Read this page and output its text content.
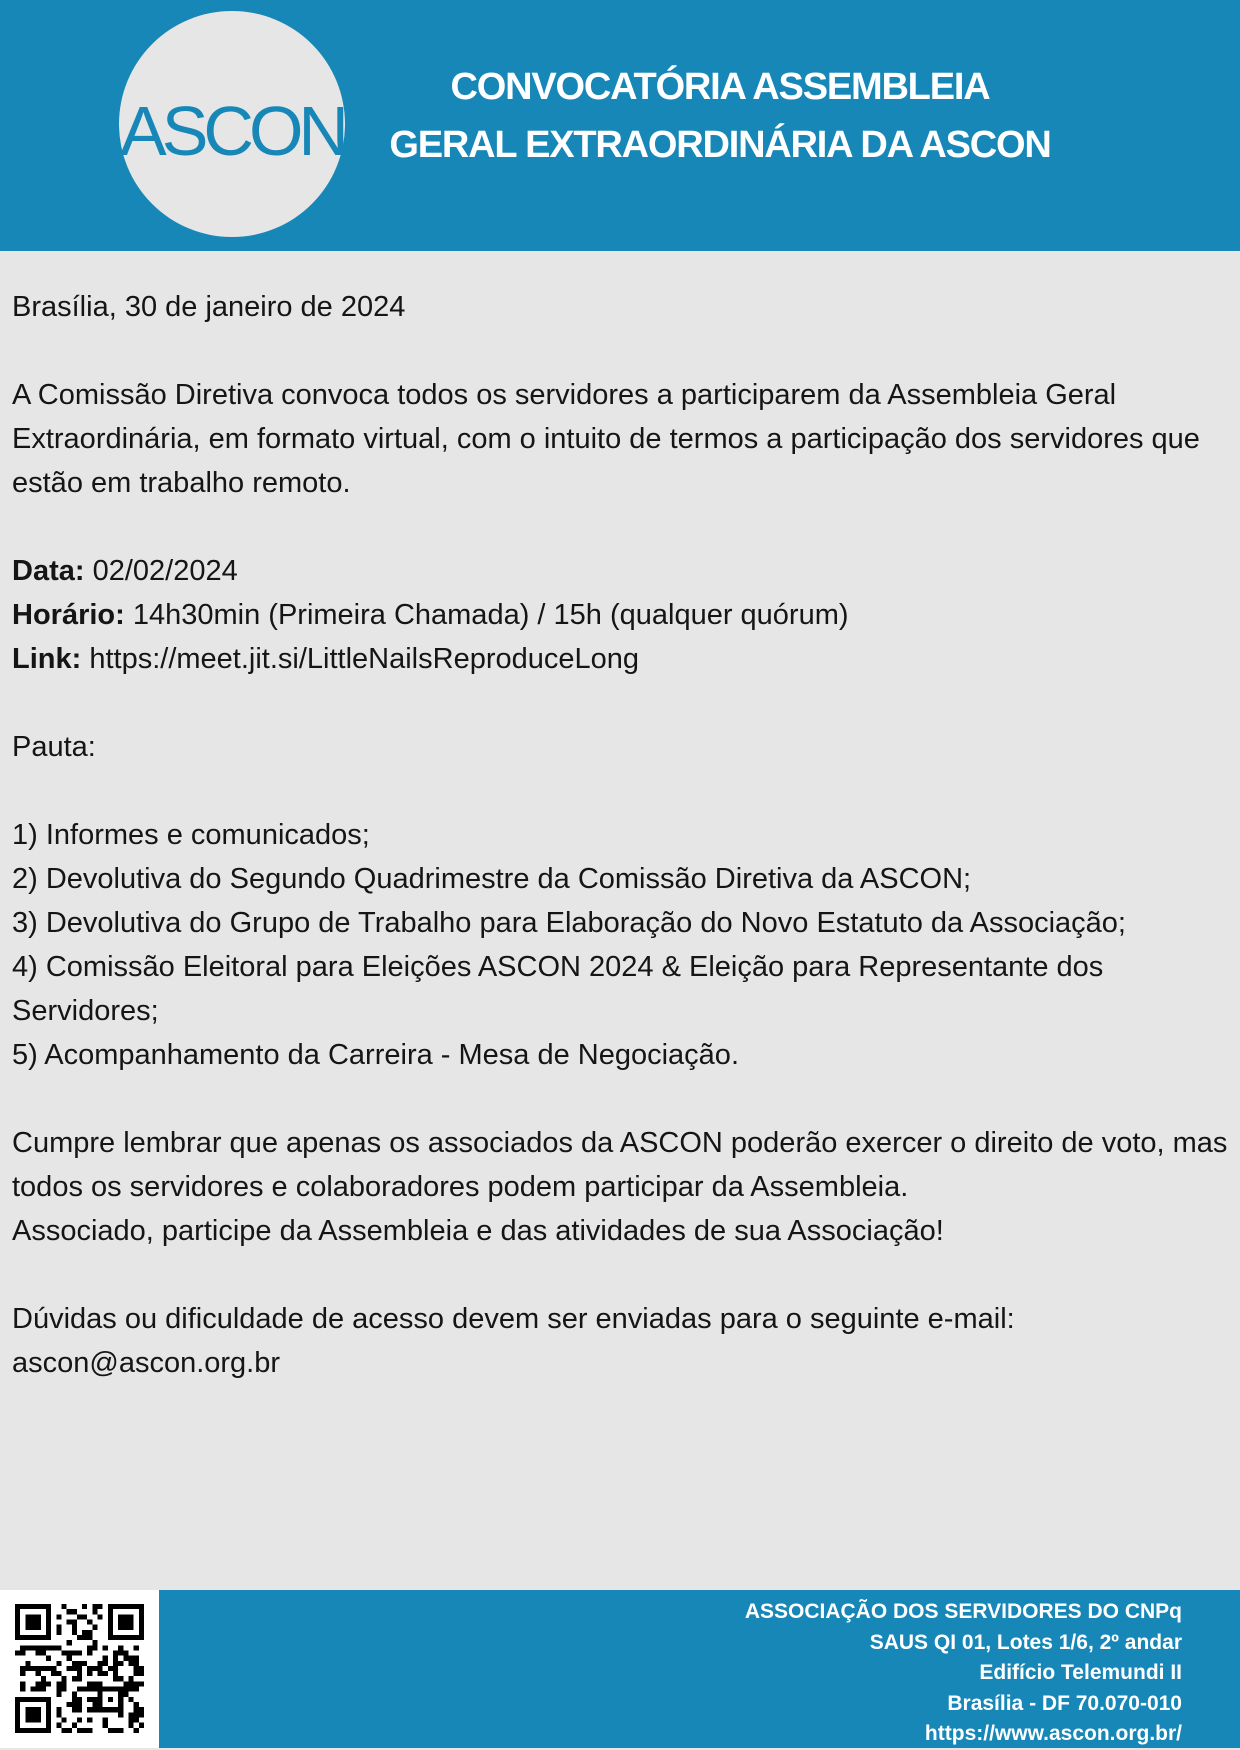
ASCON
CONVOCATÓRIA ASSEMBLEIA
GERAL EXTRAORDINÁRIA DA ASCON

Brasília, 30 de janeiro de 2024

A Comissão Diretiva convoca todos os servidores a participarem da Assembleia Geral Extraordinária, em formato virtual, com o intuito de termos a participação dos servidores que estão em trabalho remoto.

Data: 02/02/2024

Horário: 14h30min (Primeira Chamada) / 15h (qualquer quórum)

Link: https://meet.jit.si/LittleNailsReproduceLong

Pauta:

1) Informes e comunicados;

2) Devolutiva do Segundo Quadrimestre da Comissão Diretiva da ASCON;

3) Devolutiva do Grupo de Trabalho para Elaboração do Novo Estatuto da Associação;

4) Comissão Eleitoral para Eleições ASCON 2024 & Eleição para Representante dos Servidores;

5) Acompanhamento da Carreira - Mesa de Negociação.

Cumpre lembrar que apenas os associados da ASCON poderão exercer o direito de voto, mas todos os servidores e colaboradores podem participar da Assembleia.
Associado, participe da Assembleia e das atividades de sua Associação!

Dúvidas ou dificuldade de acesso devem ser enviadas para o seguinte e-mail:
ascon@ascon.org.br

ASSOCIAÇÃO DOS SERVIDORES DO CNPq
SAUS QI 01, Lotes 1/6, 2º andar
Edifício Telemundi II
Brasília - DF 70.070-010
https://www.ascon.org.br/
